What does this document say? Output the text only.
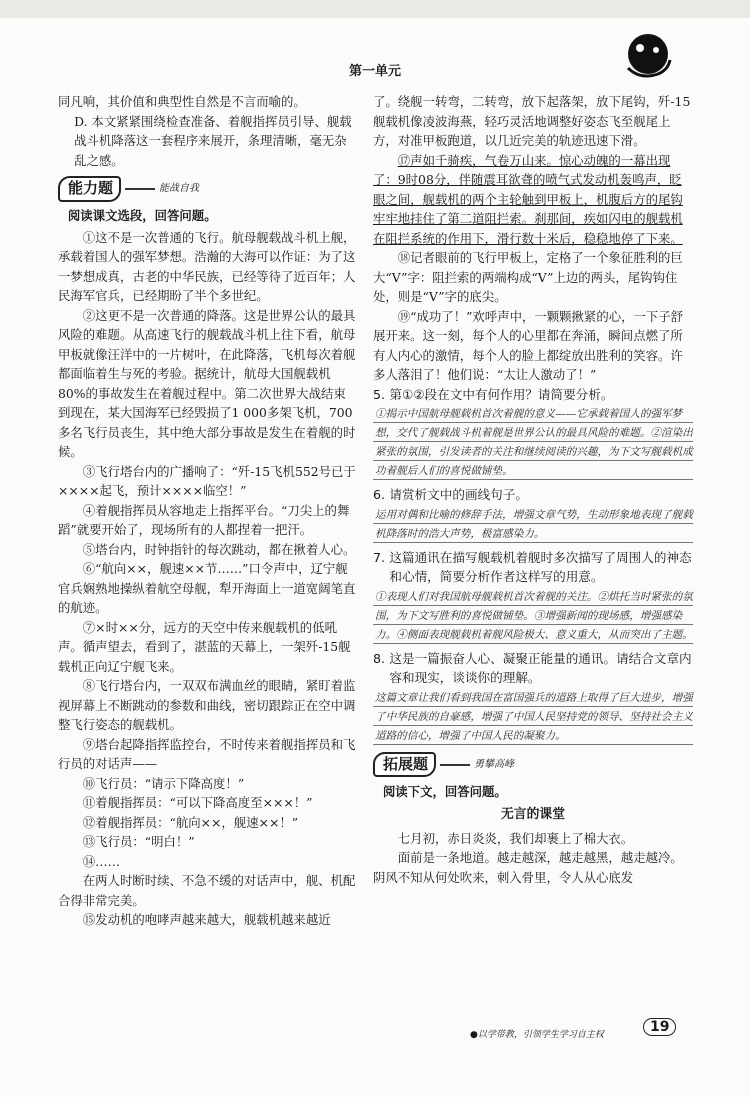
第一单元

同凡响，其价值和典型性自然是不言而喻的。

D. 本文紧紧围绕检查准备、着舰指挥员引导、舰载战斗机降落这一套程序来展开，条理清晰，毫无杂乱之感。

能力题	能战自我

阅读课文选段，回答问题。

①这不是一次普通的飞行。航母舰载战斗机上舰，承载着国人的强军梦想。浩瀚的大海可以作证：为了这一梦想成真，古老的中华民族，已经等待了近百年；人民海军官兵，已经期盼了半个多世纪。

②这更不是一次普通的降落。这是世界公认的最具风险的难题。从高速飞行的舰载战斗机上往下看，航母甲板就像汪洋中的一片树叶，在此降落，飞机每次着舰都面临着生与死的考验。据统计，航母大国舰载机80%的事故发生在着舰过程中。第二次世界大战结束到现在，某大国海军已经毁损了1 000多架飞机，700多名飞行员丧生，其中绝大部分事故是发生在着舰的时候。

③飞行塔台内的广播响了：“歼-15飞机552号已于××××起飞，预计××××临空！”

④着舰指挥员从容地走上指挥平台。“刀尖上的舞蹈”就要开始了，现场所有的人都捏着一把汗。

⑤塔台内，时钟指针的每次跳动，都在揪着人心。

⑥“航向××，舰速××节……”口令声中，辽宁舰官兵娴熟地操纵着航空母舰，犁开海面上一道宽阔笔直的航迹。

⑦×时××分，远方的天空中传来舰载机的低吼声。循声望去，看到了，湛蓝的天幕上，一架歼-15舰载机正向辽宁舰飞来。

⑧飞行塔台内，一双双布满血丝的眼睛，紧盯着监视屏幕上不断跳动的参数和曲线，密切跟踪正在空中调整飞行姿态的舰载机。

⑨塔台起降指挥监控台，不时传来着舰指挥员和飞行员的对话声——

⑩飞行员：“请示下降高度！”

⑪着舰指挥员：“可以下降高度至×××！”

⑫着舰指挥员：“航向××，舰速××！”

⑬飞行员：“明白！”

⑭……

在两人时断时续、不急不缓的对话声中，舰、机配合得非常完美。

⑮发动机的咆哮声越来越大，舰载机越来越近

了。绕舰一转弯，二转弯，放下起落架，放下尾钩，歼-15舰载机像凌波海燕，轻巧灵活地调整好姿态飞至舰尾上方，对准甲板跑道，以几近完美的轨迹迅速下滑。

⑰声如千骑疾，气卷万山来。惊心动魄的一幕出现了：9时08分，伴随震耳欲聋的喷气式发动机轰鸣声，眨眼之间，舰载机的两个主轮触到甲板上，机腹后方的尾钩牢牢地挂住了第二道阻拦索。刹那间，疾如闪电的舰载机在阻拦系统的作用下，滑行数十米后，稳稳地停了下来。

⑱记者眼前的飞行甲板上，定格了一个象征胜利的巨大“V”字：阻拦索的两端构成“V”上边的两头，尾钩钩住处，则是“V”字的底尖。

⑲“成功了！”欢呼声中，一颗颗揪紧的心，一下子舒展开来。这一刻，每个人的心里都在奔涌，瞬间点燃了所有人内心的激情，每个人的脸上都绽放出胜利的笑容。许多人落泪了！他们说：“太让人激动了！”

5. 第①②段在文中有何作用？请简要分析。
①揭示中国航母舰载机首次着舰的意义——它承载着国人的强军梦想，交代了舰载战斗机着舰是世界公认的最具风险的难题。②渲染出紧张的氛围，引发读者的关注和继续阅读的兴趣，为下文写舰载机成功着舰后人们的喜悦做铺垫。
6. 请赏析文中的画线句子。
运用对偶和比喻的修辞手法，增强文章气势，生动形象地表现了舰载机降落时的浩大声势，极富感染力。
7. 这篇通讯在描写舰载机着舰时多次描写了周围人的神态和心情，简要分析作者这样写的用意。
①表现人们对我国航母舰载机首次着舰的关注。②烘托当时紧张的氛围，为下文写胜利的喜悦做铺垫。③增强新闻的现场感，增强感染力。④侧面表现舰载机着舰风险极大、意义重大，从而突出了主题。
8. 这是一篇振奋人心、凝聚正能量的通讯。请结合文章内容和现实，谈谈你的理解。
这篇文章让我们看到我国在富国强兵的道路上取得了巨大进步，增强了中华民族的自豪感，增强了中国人民坚持党的领导、坚持社会主义道路的信心，增强了中国人民的凝聚力。
拓展题	勇攀高峰

阅读下文，回答问题。

无言的课堂

七月初，赤日炎炎，我们却裹上了棉大衣。

面前是一条地道。越走越深，越走越黑，越走越冷。阴风不知从何处吹来，刺入骨里，令人从心底发

●以学带教，引领学生学习自主权	19
